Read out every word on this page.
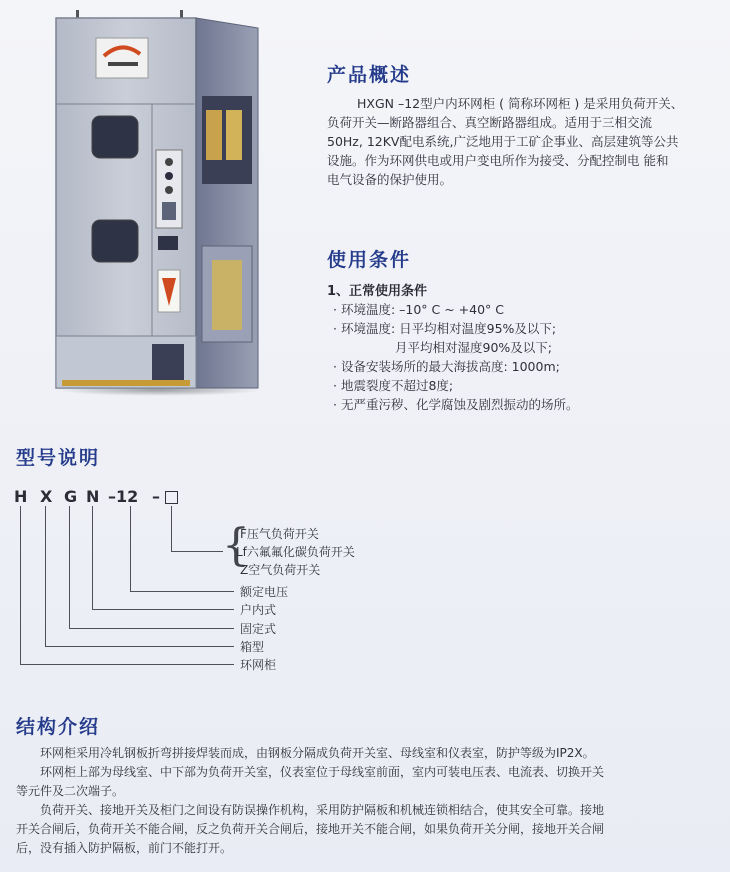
产品概述
HXGN –12型户内环网柜 ( 简称环网柜 ) 是采用负荷开关、
负荷开关—断路器组合、真空断路器组成。适用于三相交流
50Hz, 12KV配电系统,广泛地用于工矿企事业、高层建筑等公共
设施。作为环网供电或用户变电所作为接受、分配控制电 能和
电气设备的保护使用。
使用条件
1、正常使用条件
· 环境温度: –10° C ~ +40° C
· 环境温度: 日平均相对温度95%及以下;
月平均相对湿度90%及以下;
· 设备安装场所的最大海拔高度: 1000m;
· 地震裂度不超过8度;
· 无严重污秽、化学腐蚀及剧烈振动的场所。
型号说明
H X G N –12 –
{
F压气负荷开关
Lf六氟氟化碳负荷开关
Z空气负荷开关
额定电压
户内式
固定式
箱型
环网柜
结构介绍
环网柜采用冷轧钢板折弯拼接焊装而成，由钢板分隔成负荷开关室、母线室和仪表室，防护等级为IP2X。
环网柜上部为母线室、中下部为负荷开关室，仪表室位于母线室前面，室内可装电压表、电流表、切换开关
等元件及二次端子。
负荷开关、接地开关及柜门之间设有防误操作机构，采用防护隔板和机械连锁相结合，使其安全可靠。接地
开关合闸后，负荷开关不能合闸，反之负荷开关合闸后，接地开关不能合闸，如果负荷开关分闸，接地开关合闸
后，没有插入防护隔板，前门不能打开。
